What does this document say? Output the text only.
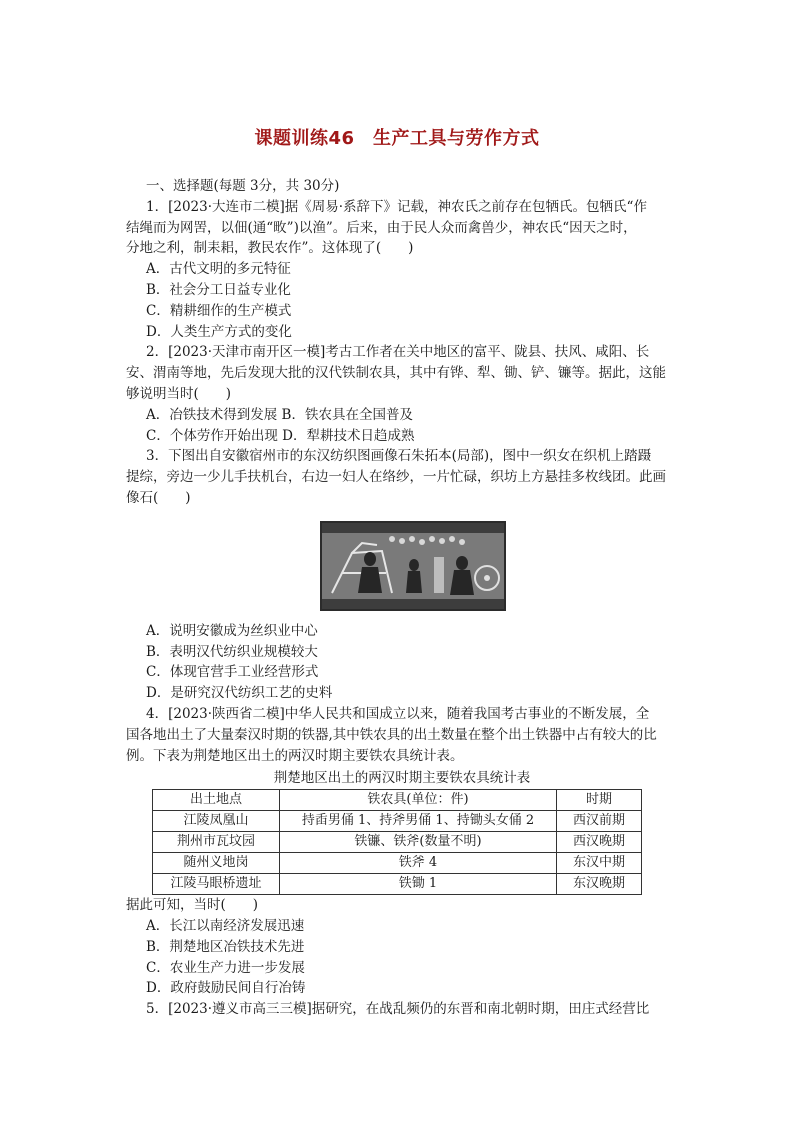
课题训练46　生产工具与劳作方式
一、选择题(每题 3分，共 30分)
1．[2023·大连市二模]据《周易·系辞下》记载，神农氏之前存在包牺氏。包牺氏“作
结绳而为网罟，以佃(通“畋”)以渔”。后来，由于民人众而禽兽少，神农氏“因天之时，
分地之利，制耒耜，教民农作”。这体现了(　　)
A．古代文明的多元特征
B．社会分工日益专业化
C．精耕细作的生产模式
D．人类生产方式的变化
2．[2023·天津市南开区一模]考古工作者在关中地区的富平、陇县、扶风、咸阳、长
安、渭南等地，先后发现大批的汉代铁制农具，其中有铧、犁、锄、铲、镰等。据此，这能
够说明当时(　　)
A．冶铁技术得到发展 B．铁农具在全国普及
C．个体劳作开始出现 D．犁耕技术日趋成熟
3．下图出自安徽宿州市的东汉纺织图画像石朱拓本(局部)，图中一织女在织机上踏蹑
提综，旁边一少儿手扶机台，右边一妇人在络纱，一片忙碌，织坊上方悬挂多枚线团。此画
像石(　　)
A．说明安徽成为丝织业中心
B．表明汉代纺织业规模较大
C．体现官营手工业经营形式
D．是研究汉代纺织工艺的史料
4．[2023·陕西省二模]中华人民共和国成立以来，随着我国考古事业的不断发展，全
国各地出土了大量秦汉时期的铁器,其中铁农具的出土数量在整个出土铁器中占有较大的比
例。下表为荆楚地区出土的两汉时期主要铁农具统计表。
荆楚地区出土的两汉时期主要铁农具统计表
出土地点	铁农具(单位：件)	时期
江陵凤凰山	持臿男俑 1、持斧男俑 1、持锄头女俑 2	西汉前期
荆州市瓦坟园	铁镰、铁斧(数量不明)	西汉晚期
随州义地岗	铁斧 4	东汉中期
江陵马眼桥遗址	铁锄 1	东汉晚期
据此可知，当时(　　)
A．长江以南经济发展迅速
B．荆楚地区冶铁技术先进
C．农业生产力进一步发展
D．政府鼓励民间自行冶铸
5．[2023·遵义市高三三模]据研究，在战乱频仍的东晋和南北朝时期，田庄式经营比
